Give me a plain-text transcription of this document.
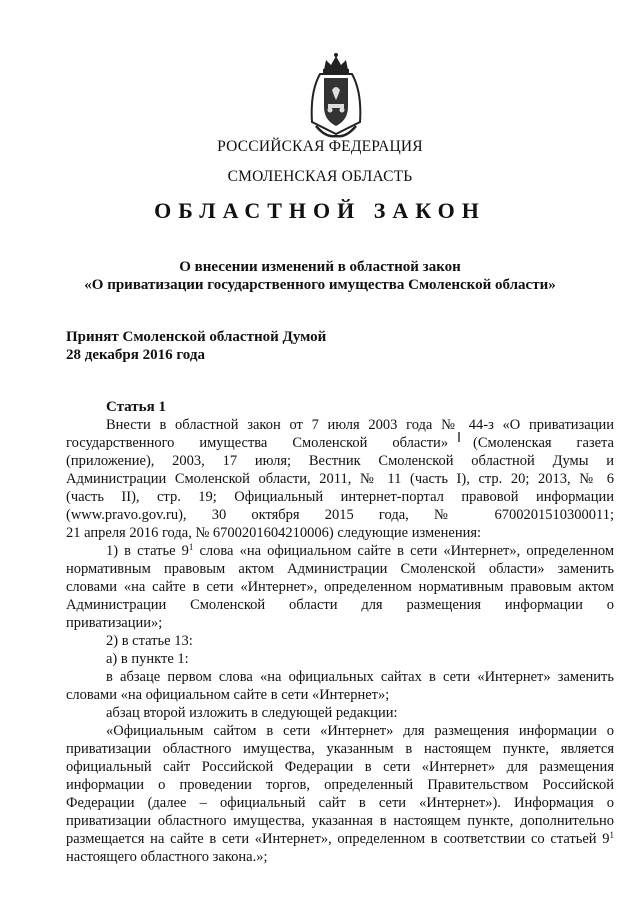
РОССИЙСКАЯ ФЕДЕРАЦИЯ
СМОЛЕНСКАЯ ОБЛАСТЬ
ОБЛАСТНОЙ ЗАКОН
О внесении изменений в областной закон
«О приватизации государственного имущества Смоленской области»
Принят Смоленской областной Думой
28 декабря 2016 года
Статья 1
Внести в областной закон от 7 июля 2003 года № 44-з «О приватизации
государственного имущества Смоленской области» (Смоленская газета
(приложение), 2003, 17 июля; Вестник Смоленской областной Думы и
Администрации Смоленской области, 2011, № 11 (часть I), стр. 20; 2013, № 6
(часть II), стр. 19; Официальный интернет-портал правовой информации
(www.pravo.gov.ru), 30 октября 2015 года, № 6700201510300011;
21 апреля 2016 года, № 6700201604210006) следующие изменения:
1) в статье $9^1$ слова «на официальном сайте в сети «Интернет», определенном
нормативным правовым актом Администрации Смоленской области» заменить
словами «на сайте в сети «Интернет», определенном нормативным правовым актом
Администрации Смоленской области для размещения информации о
приватизации»;
2) в статье 13:
а) в пункте 1:
в абзаце первом слова «на официальных сайтах в сети «Интернет» заменить
словами «на официальном сайте в сети «Интернет»;
абзац второй изложить в следующей редакции:
«Официальным сайтом в сети «Интернет» для размещения информации о
приватизации областного имущества, указанным в настоящем пункте, является
официальный сайт Российской Федерации в сети «Интернет» для размещения
информации о проведении торгов, определенный Правительством Российской
Федерации (далее – официальный сайт в сети «Интернет»). Информация о
приватизации областного имущества, указанная в настоящем пункте, дополнительно
размещается на сайте в сети «Интернет», определенном в соответствии со статьей $9^1$
настоящего областного закона.»;
